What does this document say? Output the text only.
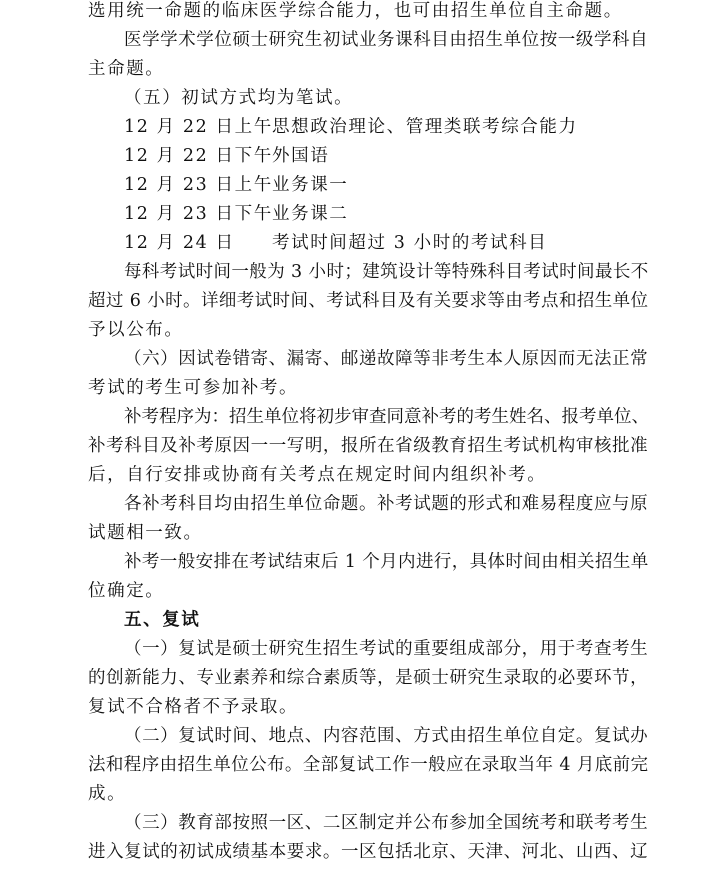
选用统一命题的临床医学综合能力，也可由招生单位自主命题。
医学学术学位硕士研究生初试业务课科目由招生单位按一级学科自
主命题。
（五）初试方式均为笔试。
12 月 22 日上午思想政治理论、管理类联考综合能力
12 月 22 日下午外国语
12 月 23 日上午业务课一
12 月 23 日下午业务课二
12 月 24 日 考试时间超过 3 小时的考试科目
每科考试时间一般为 3 小时；建筑设计等特殊科目考试时间最长不
超过 6 小时。详细考试时间、考试科目及有关要求等由考点和招生单位
予以公布。
（六）因试卷错寄、漏寄、邮递故障等非考生本人原因而无法正常
考试的考生可参加补考。
补考程序为：招生单位将初步审查同意补考的考生姓名、报考单位、
补考科目及补考原因一一写明，报所在省级教育招生考试机构审核批准
后，自行安排或协商有关考点在规定时间内组织补考。
各补考科目均由招生单位命题。补考试题的形式和难易程度应与原
试题相一致。
补考一般安排在考试结束后 1 个月内进行，具体时间由相关招生单
位确定。
五、复试
（一）复试是硕士研究生招生考试的重要组成部分，用于考查考生
的创新能力、专业素养和综合素质等，是硕士研究生录取的必要环节，
复试不合格者不予录取。
（二）复试时间、地点、内容范围、方式由招生单位自定。复试办
法和程序由招生单位公布。全部复试工作一般应在录取当年 4 月底前完
成。
（三）教育部按照一区、二区制定并公布参加全国统考和联考考生
进入复试的初试成绩基本要求。一区包括北京、天津、河北、山西、辽
